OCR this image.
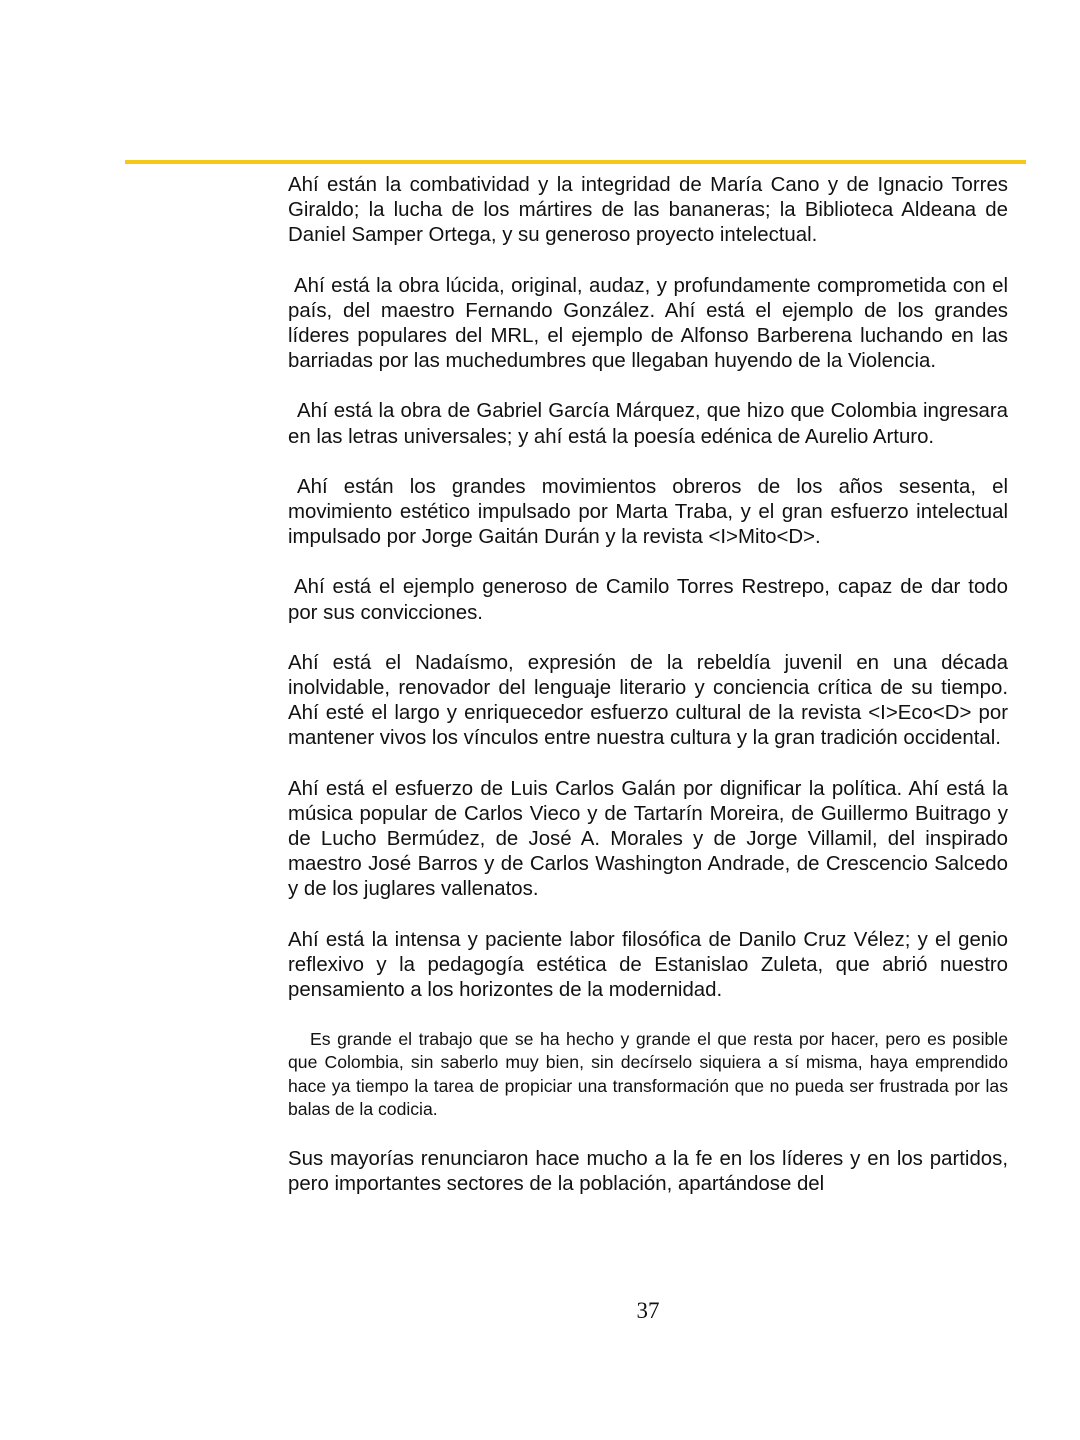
Ahí están la combatividad y la integridad de María Cano y de Ignacio Torres Giraldo; la lucha de los mártires de las bananeras; la Biblioteca Aldeana de Daniel Samper Ortega, y su generoso proyecto intelectual.

Ahí está la obra lúcida, original, audaz, y profundamente comprometida con el país, del maestro Fernando González. Ahí está el ejemplo de los grandes líderes populares del MRL, el ejemplo de Alfonso Barberena luchando en las barriadas por las muchedumbres que llegaban huyendo de la Violencia.

Ahí está la obra de Gabriel García Márquez, que hizo que Colombia ingresara en las letras universales; y ahí está la poesía edénica de Aurelio Arturo.

Ahí están los grandes movimientos obreros de los años sesenta, el movimiento estético impulsado por Marta Traba, y el gran esfuerzo intelectual impulsado por Jorge Gaitán Durán y la revista <I>Mito<D>.

Ahí está el ejemplo generoso de Camilo Torres Restrepo, capaz de dar todo por sus convicciones.

Ahí está el Nadaísmo, expresión de la rebeldía juvenil en una década inolvidable, renovador del lenguaje literario y conciencia crítica de su tiempo. Ahí esté el largo y enriquecedor esfuerzo cultural de la revista <I>Eco<D> por mantener vivos los vínculos entre nuestra cultura y la gran tradición occidental.

Ahí está el esfuerzo de Luis Carlos Galán por dignificar la política. Ahí está la música popular de Carlos Vieco y de Tartarín Moreira, de Guillermo Buitrago y de Lucho Bermúdez, de José A. Morales y de Jorge Villamil, del inspirado maestro José Barros y de Carlos Washington Andrade, de Crescencio Salcedo y de los juglares vallenatos.

Ahí está la intensa y paciente labor filosófica de Danilo Cruz Vélez; y el genio reflexivo y la pedagogía estética de Estanislao Zuleta, que abrió nuestro pensamiento a los horizontes de la modernidad.

Es grande el trabajo que se ha hecho y grande el que resta por hacer, pero es posible que Colombia, sin saberlo muy bien, sin decírselo siquiera a sí misma, haya emprendido hace ya tiempo la tarea de propiciar una transformación que no pueda ser frustrada por las balas de la codicia.

Sus mayorías renunciaron hace mucho a la fe en los líderes y en los partidos, pero importantes sectores de la población, apartándose del

37
